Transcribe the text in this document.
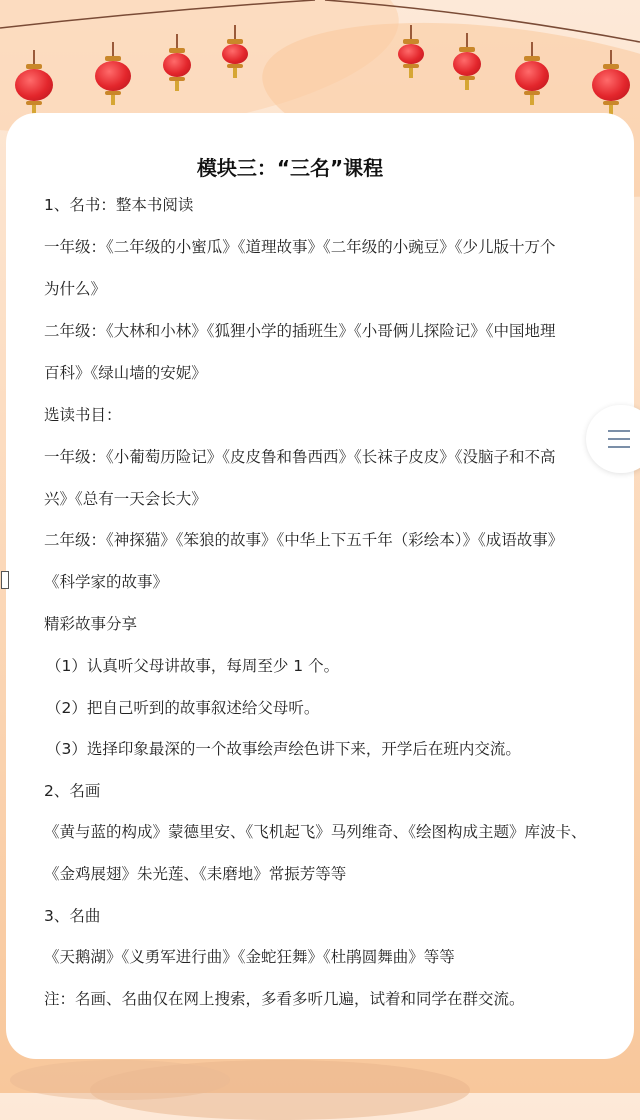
模块三：“三名”课程
1、名书：整本书阅读
一年级：《二年级的小蜜瓜》《道理故事》《二年级的小豌豆》《少儿版十万个
为什么》
二年级：《大林和小林》《狐狸小学的插班生》《小哥俩儿探险记》《中国地理
百科》《绿山墙的安妮》
选读书目：
一年级：《小葡萄历险记》《皮皮鲁和鲁西西》《长袜子皮皮》《没脑子和不高
兴》《总有一天会长大》
二年级：《神探猫》《笨狼的故事》《中华上下五千年（彩绘本）》《成语故事》
《科学家的故事》
精彩故事分享
（1）认真听父母讲故事，每周至少 1 个。
（2）把自己听到的故事叙述给父母听。
（3）选择印象最深的一个故事绘声绘色讲下来，开学后在班内交流。
2、名画
《黄与蓝的构成》蒙德里安、《飞机起飞》马列维奇、《绘图构成主题》库波卡、
《金鸡展翅》朱光莲、《耒磨地》常振芳等等
3、名曲
《天鹅湖》《义勇军进行曲》《金蛇狂舞》《杜鹃圆舞曲》等等
注：名画、名曲仅在网上搜索，多看多听几遍，试着和同学在群交流。
